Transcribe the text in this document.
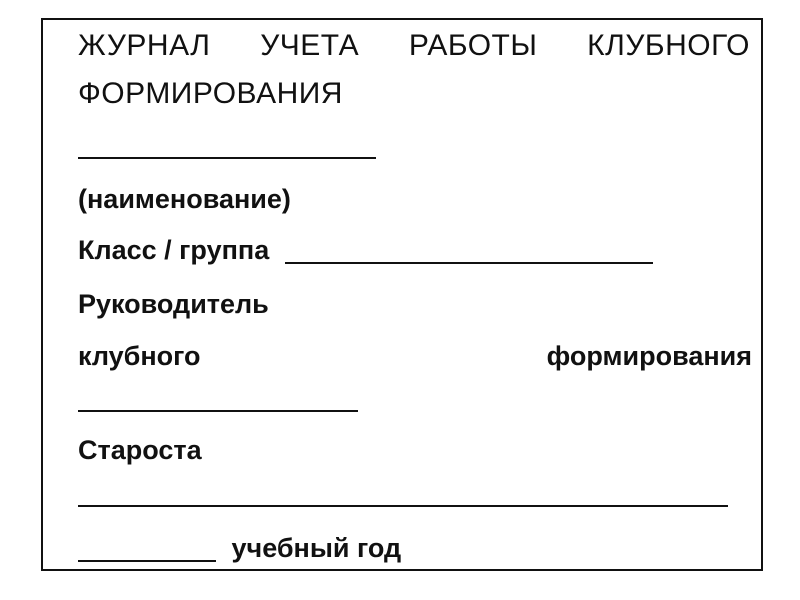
ЖУРНАЛ УЧЕТА РАБОТЫ КЛУБНОГО
ФОРМИРОВАНИЯ
(наименование)
Класс / группа
Руководитель
клубного	формирования
Староста
учебный год
